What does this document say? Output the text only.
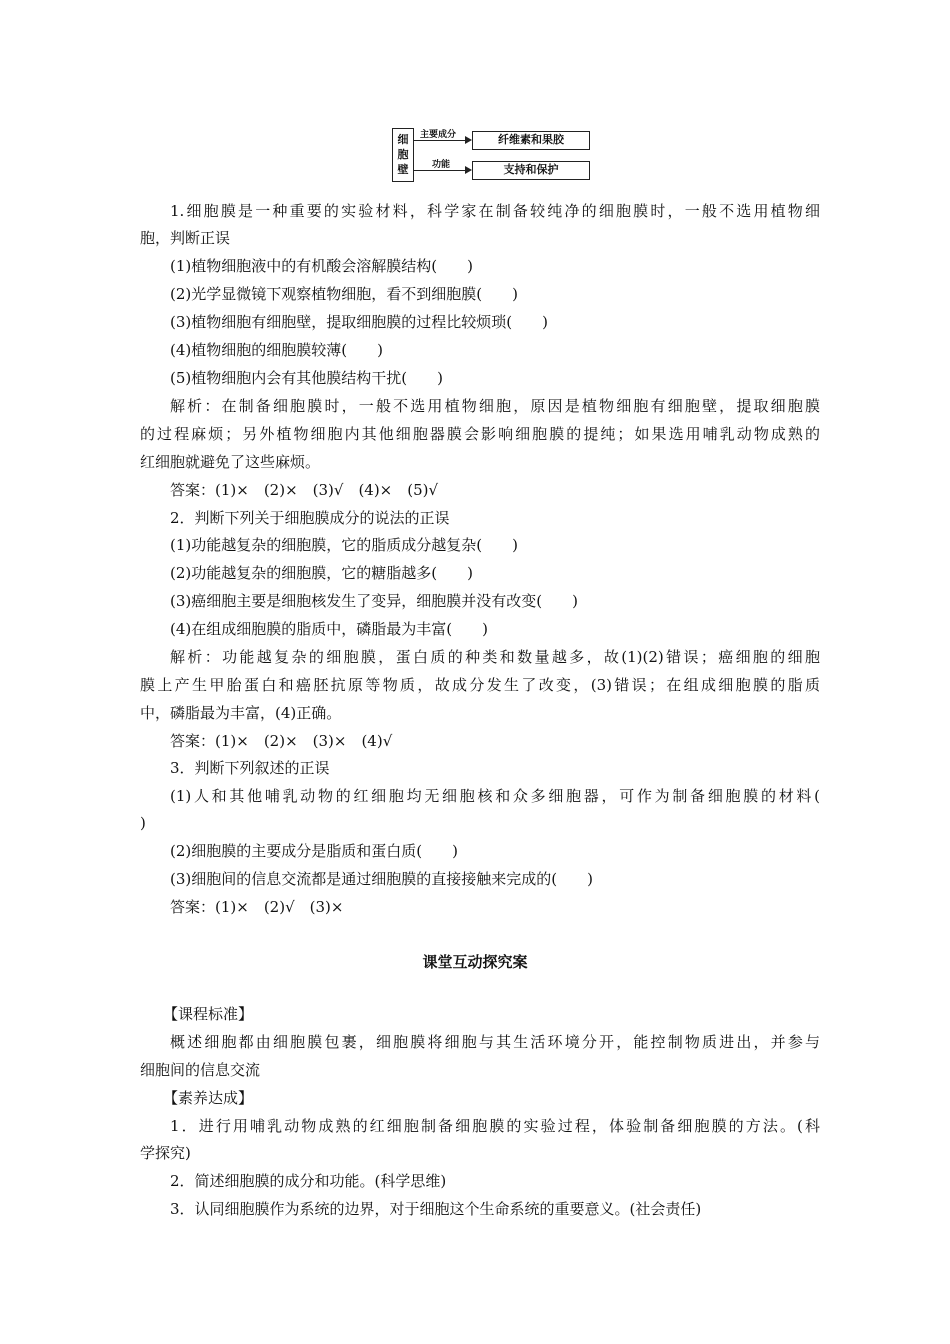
细
胞
壁
主要成分	纤维素和果胶
功能	支持和保护
1.细胞膜是一种重要的实验材料，科学家在制备较纯净的细胞膜时，一般不选用植物细
胞，判断正误
(1)植物细胞液中的有机酸会溶解膜结构(　　)
(2)光学显微镜下观察植物细胞，看不到细胞膜(　　)
(3)植物细胞有细胞壁，提取细胞膜的过程比较烦琐(　　)
(4)植物细胞的细胞膜较薄(　　)
(5)植物细胞内会有其他膜结构干扰(　　)
解析：在制备细胞膜时，一般不选用植物细胞，原因是植物细胞有细胞壁，提取细胞膜
的过程麻烦；另外植物细胞内其他细胞器膜会影响细胞膜的提纯；如果选用哺乳动物成熟的
红细胞就避免了这些麻烦。
答案：(1)×　(2)×　(3)√　(4)×　(5)√
2．判断下列关于细胞膜成分的说法的正误
(1)功能越复杂的细胞膜，它的脂质成分越复杂(　　)
(2)功能越复杂的细胞膜，它的糖脂越多(　　)
(3)癌细胞主要是细胞核发生了变异，细胞膜并没有改变(　　)
(4)在组成细胞膜的脂质中，磷脂最为丰富(　　)
解析：功能越复杂的细胞膜，蛋白质的种类和数量越多，故(1)(2)错误；癌细胞的细胞
膜上产生甲胎蛋白和癌胚抗原等物质，故成分发生了改变，(3)错误；在组成细胞膜的脂质
中，磷脂最为丰富，(4)正确。
答案：(1)×　(2)×　(3)×　(4)√
3．判断下列叙述的正误
(1)人和其他哺乳动物的红细胞均无细胞核和众多细胞器，可作为制备细胞膜的材料(
)
(2)细胞膜的主要成分是脂质和蛋白质(　　)
(3)细胞间的信息交流都是通过细胞膜的直接接触来完成的(　　)
答案：(1)×　(2)√　(3)×
课堂互动探究案
【课程标准】
概述细胞都由细胞膜包裹，细胞膜将细胞与其生活环境分开，能控制物质进出，并参与
细胞间的信息交流
【素养达成】
1．进行用哺乳动物成熟的红细胞制备细胞膜的实验过程，体验制备细胞膜的方法。(科
学探究)
2．简述细胞膜的成分和功能。(科学思维)
3．认同细胞膜作为系统的边界，对于细胞这个生命系统的重要意义。(社会责任)
